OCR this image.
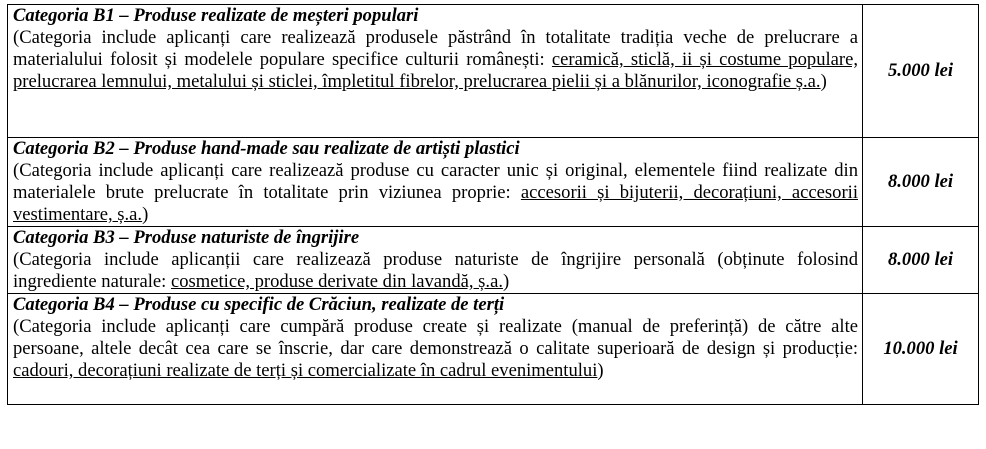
Categoria B1 – Produse realizate de meșteri populari
(Categoria include aplicanți care realizează produsele păstrând în totalitate tradiția veche de prelucrare a materialului folosit și modelele populare specifice culturii românești: ceramică, sticlă, ii și costume populare, prelucrarea lemnului, metalului și sticlei, împletitul fibrelor, prelucrarea pielii și a blănurilor, iconografie ș.a.)	5.000 lei

Categoria B2 – Produse hand-made sau realizate de artiști plastici
(Categoria include aplicanți care realizează produse cu caracter unic și original, elementele fiind realizate din materialele brute prelucrate în totalitate prin viziunea proprie: accesorii și bijuterii, decorațiuni, accesorii vestimentare, ș.a.)	8.000 lei

Categoria B3 – Produse naturiste de îngrijire
(Categoria include aplicanții care realizează produse naturiste de îngrijire personală (obținute folosind ingrediente naturale: cosmetice, produse derivate din lavandă, ș.a.)	8.000 lei

Categoria B4 – Produse cu specific de Crăciun, realizate de terți
(Categoria include aplicanți care cumpără produse create și realizate (manual de preferință) de către alte persoane, altele decât cea care se înscrie, dar care demonstrează o calitate superioară de design și producție: cadouri, decorațiuni realizate de terți și comercializate în cadrul evenimentului)	10.000 lei
